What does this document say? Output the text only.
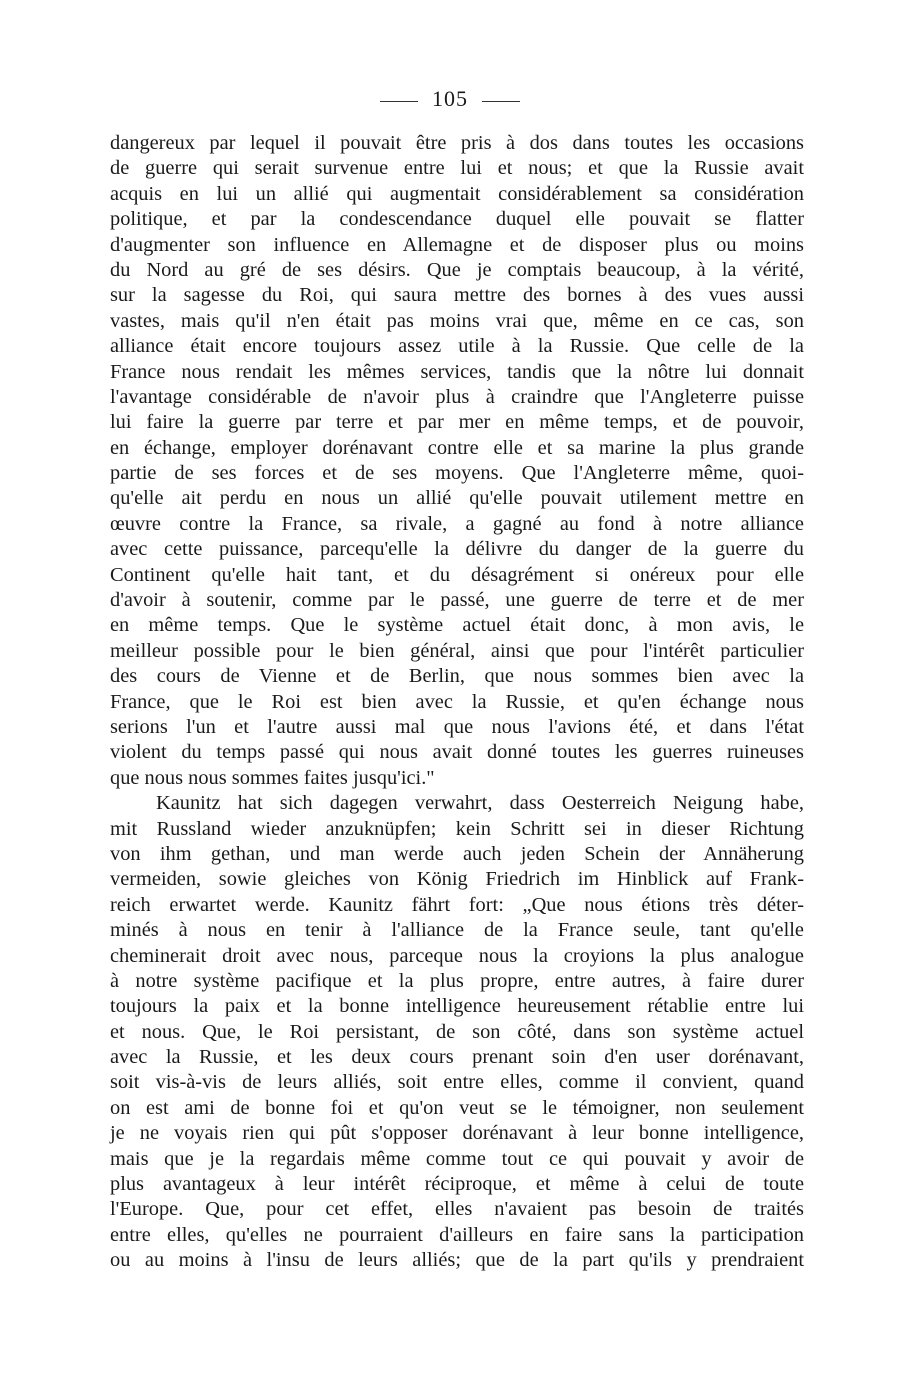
105
dangereux par lequel il pouvait être pris à dos dans toutes les occasions
de guerre qui serait survenue entre lui et nous; et que la Russie avait
acquis en lui un allié qui augmentait considérablement sa considération
politique, et par la condescendance duquel elle pouvait se flatter
d'augmenter son influence en Allemagne et de disposer plus ou moins
du Nord au gré de ses désirs. Que je comptais beaucoup, à la vérité,
sur la sagesse du Roi, qui saura mettre des bornes à des vues aussi
vastes, mais qu'il n'en était pas moins vrai que, même en ce cas, son
alliance était encore toujours assez utile à la Russie. Que celle de la
France nous rendait les mêmes services, tandis que la nôtre lui donnait
l'avantage considérable de n'avoir plus à craindre que l'Angleterre puisse
lui faire la guerre par terre et par mer en même temps, et de pouvoir,
en échange, employer dorénavant contre elle et sa marine la plus grande
partie de ses forces et de ses moyens. Que l'Angleterre même, quoi-
qu'elle ait perdu en nous un allié qu'elle pouvait utilement mettre en
œuvre contre la France, sa rivale, a gagné au fond à notre alliance
avec cette puissance, parcequ'elle la délivre du danger de la guerre du
Continent qu'elle hait tant, et du désagrément si onéreux pour elle
d'avoir à soutenir, comme par le passé, une guerre de terre et de mer
en même temps. Que le système actuel était donc, à mon avis, le
meilleur possible pour le bien général, ainsi que pour l'intérêt particulier
des cours de Vienne et de Berlin, que nous sommes bien avec la
France, que le Roi est bien avec la Russie, et qu'en échange nous
serions l'un et l'autre aussi mal que nous l'avions été, et dans l'état
violent du temps passé qui nous avait donné toutes les guerres ruineuses
que nous nous sommes faites jusqu'ici."
Kaunitz hat sich dagegen verwahrt, dass Oesterreich Neigung habe,
mit Russland wieder anzuknüpfen; kein Schritt sei in dieser Richtung
von ihm gethan, und man werde auch jeden Schein der Annäherung
vermeiden, sowie gleiches von König Friedrich im Hinblick auf Frank-
reich erwartet werde. Kaunitz fährt fort: „Que nous étions très déter-
minés à nous en tenir à l'alliance de la France seule, tant qu'elle
cheminerait droit avec nous, parceque nous la croyions la plus analogue
à notre système pacifique et la plus propre, entre autres, à faire durer
toujours la paix et la bonne intelligence heureusement rétablie entre lui
et nous. Que, le Roi persistant, de son côté, dans son système actuel
avec la Russie, et les deux cours prenant soin d'en user dorénavant,
soit vis-à-vis de leurs alliés, soit entre elles, comme il convient, quand
on est ami de bonne foi et qu'on veut se le témoigner, non seulement
je ne voyais rien qui pût s'opposer dorénavant à leur bonne intelligence,
mais que je la regardais même comme tout ce qui pouvait y avoir de
plus avantageux à leur intérêt réciproque, et même à celui de toute
l'Europe. Que, pour cet effet, elles n'avaient pas besoin de traités
entre elles, qu'elles ne pourraient d'ailleurs en faire sans la participation
ou au moins à l'insu de leurs alliés; que de la part qu'ils y prendraient
